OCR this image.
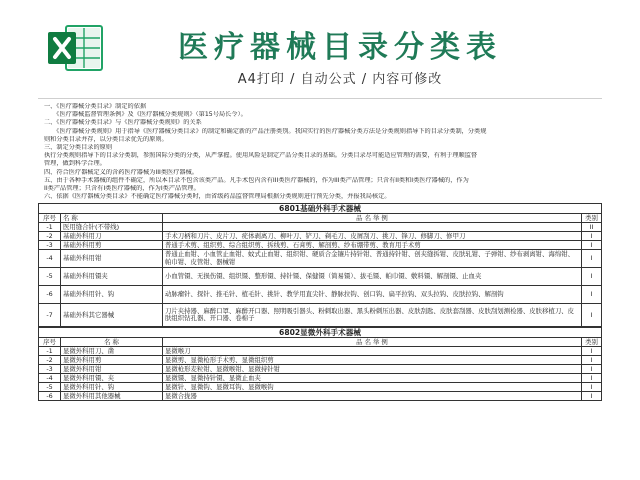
医疗器械目录分类表
A4打印 / 自动公式 / 内容可修改

一、《医疗器械分类目录》制定的依据

　　《医疗器械监督管理条例》及《医疗器械分类规则》（第15号局长令）。

二、《医疗器械分类目录》与《医疗器械分类规则》的关系

　　《医疗器械分类规则》用于指导《医疗器械分类目录》的制定和确定新的产品注册类别。我国实行的医疗器械分类方法是分类规则指导下的目录分类制，分类规

则和分类目录并存，以分类目录优先的原则。

三、制定分类目录的原则

执行分类规则指导下的目录分类制，参照国际分类的分类，从严掌握。使用风险是制定产品分类目录的基础。分类目录尽可能适应管理的需要，有利于理顺监督

管理，做到科学合理。

四、符合医疗器械定义的含药医疗器械为III类医疗器械。

五、由于各种手术器械的组件不确定，所以本目录不包含该类产品。凡手术包内含有III类医疗器械的，作为III类产品管理；只含有II类和I类医疗器械的，作为

II类产品管理；只含有I类医疗器械的，作为I类产品管理。

六、依据《医疗器械分类目录》不能确定医疗器械分类时，由省级药品监督管理局根据分类规则进行预先分类，并报我局核定。

6801基础外科手术器械			
序号	名 称	品 名 举 例	类别
-1	医用缝合针(不带线)		II
-2	基础外科用刀	手术刀柄和刀片、皮片刀、疣体剥离刀、柳叶刀、铲刀、剃毛刀、皮屑刮刀、挑刀、锋刀、修脚刀、修甲刀	I
-3	基础外科用剪	普通手术剪、组织剪、综合组织剪、拆线剪、石膏剪、解剖剪、纱布绷带剪、教育用手术剪	I
-4	基础外科用钳	普通止血钳、小血管止血钳、蚊式止血钳、组织钳、硬质合金镶片持针钳、普通持针钳、创夹缝拆钳、皮肤轧钳、子弹钳、纱布剥离钳、海绵钳、帕巾钳、皮管钳、器械钳	I
-5	基础外科用镊夹	小血管镊、无损伤镊、组织镊、整形镊、持针镊、保健镊（简易镊）、拔毛镊、帕巾镊、敷料镊、解剖镊、止血夹	I
-6	基础外科用针、钩	动脉瘤针、探针、推毛针、植毛针、挑针、教学用直尖针、静脉拉钩、创口钩、扁平拉钩、双头拉钩、皮肤拉钩、解剖钩	I
-7	基础外科其它器械	刀片夹持器、麻醉口罩、麻醉开口器、照明吸引器头、粉刺取出器、黑头粉刺压出器、皮肤刮匙、皮肤套刮器、皮肤刮划测检器、皮肤移植刀、皮肤组织钻孔器、开口器、卷棉子	I
6802显微外科手术器械			
序号	名 称	品 名 举 例	类别
-1	显微外科用刀、凿	显微喉刀	I
-2	显微外科用剪	显微剪、显微枪形手术剪、显微组织剪	I
-3	显微外科用钳	显微枪形麦粒钳、显微喉钳、显微持针钳	I
-4	显微外科用镊、夹	显微镊、显微持针镊、显微止血夹	I
-5	显微外科用针、钩	显微针、显微钩、显微耳钩、显微喉钩	I
-6	显微外科用其他器械	显微合拢器	I
